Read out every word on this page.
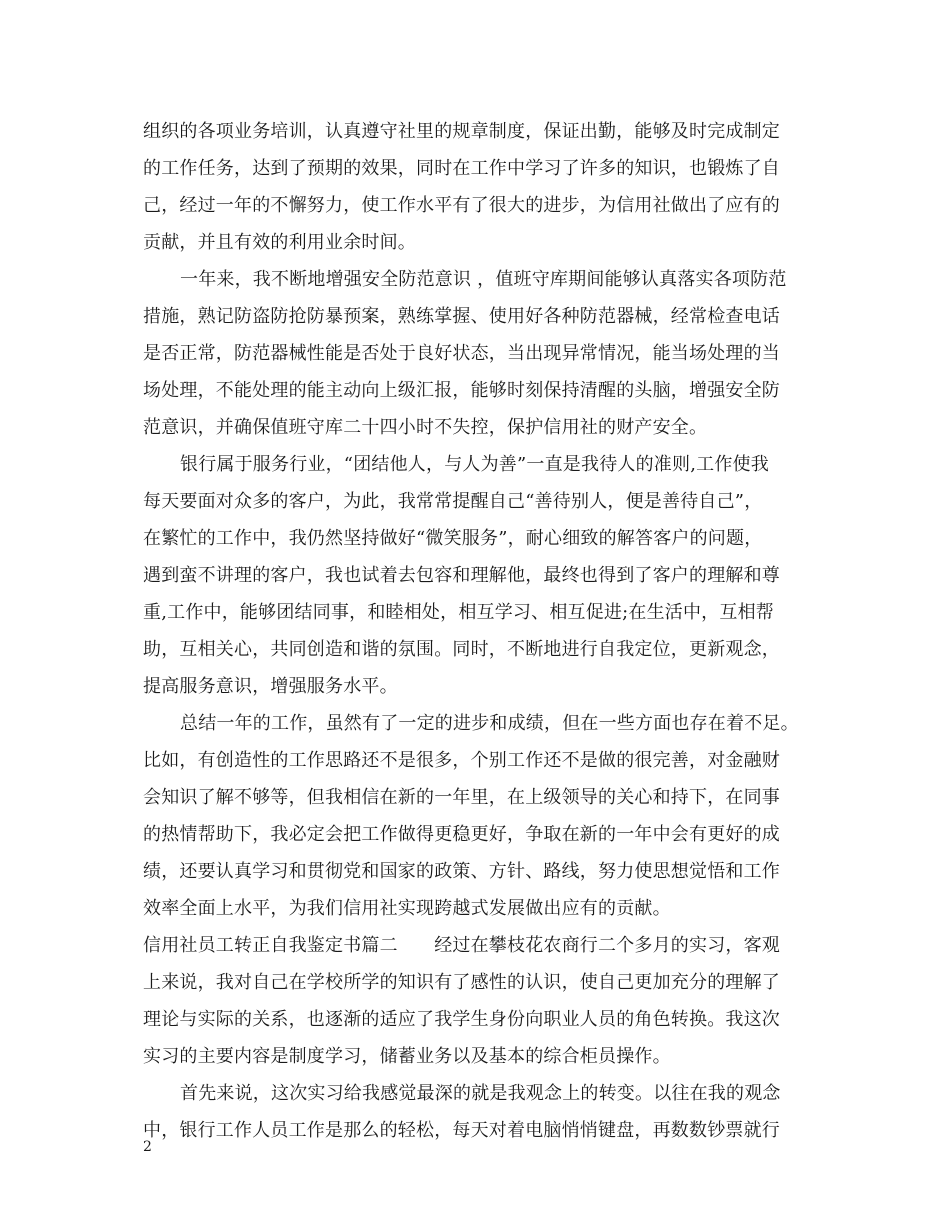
组织的各项业务培训，认真遵守社里的规章制度，保证出勤，能够及时完成制定
的工作任务，达到了预期的效果，同时在工作中学习了许多的知识，也锻炼了自
己，经过一年的不懈努力，使工作水平有了很大的进步，为信用社做出了应有的
贡献，并且有效的利用业余时间。
一年来，我不断地增强安全防范意识 ，值班守库期间能够认真落实各项防范
措施，熟记防盗防抢防暴预案，熟练掌握、使用好各种防范器械，经常检查电话
是否正常，防范器械性能是否处于良好状态，当出现异常情况，能当场处理的当
场处理，不能处理的能主动向上级汇报，能够时刻保持清醒的头脑，增强安全防
范意识，并确保值班守库二十四小时不失控，保护信用社的财产安全。
银行属于服务行业，“团结他人，与人为善”一直是我待人的准则,工作使我
每天要面对众多的客户，为此，我常常提醒自己“善待别人，便是善待自己”，
在繁忙的工作中，我仍然坚持做好“微笑服务”，耐心细致的解答客户的问题，
遇到蛮不讲理的客户，我也试着去包容和理解他，最终也得到了客户的理解和尊
重,工作中，能够团结同事，和睦相处，相互学习、相互促进;在生活中，互相帮
助，互相关心，共同创造和谐的氛围。同时，不断地进行自我定位，更新观念，
提高服务意识，增强服务水平。
总结一年的工作，虽然有了一定的进步和成绩，但在一些方面也存在着不足。
比如，有创造性的工作思路还不是很多，个别工作还不是做的很完善，对金融财
会知识了解不够等，但我相信在新的一年里，在上级领导的关心和持下，在同事
的热情帮助下，我必定会把工作做得更稳更好，争取在新的一年中会有更好的成
绩，还要认真学习和贯彻党和国家的政策、方针、路线，努力使思想觉悟和工作
效率全面上水平，为我们信用社实现跨越式发展做出应有的贡献。
信用社员工转正自我鉴定书篇二　　经过在攀枝花农商行二个多月的实习，客观
上来说，我对自己在学校所学的知识有了感性的认识，使自己更加充分的理解了
理论与实际的关系，也逐渐的适应了我学生身份向职业人员的角色转换。我这次
实习的主要内容是制度学习，储蓄业务以及基本的综合柜员操作。
首先来说，这次实习给我感觉最深的就是我观念上的转变。以往在我的观念
中，银行工作人员工作是那么的轻松，每天对着电脑悄悄键盘，再数数钞票就行
2
